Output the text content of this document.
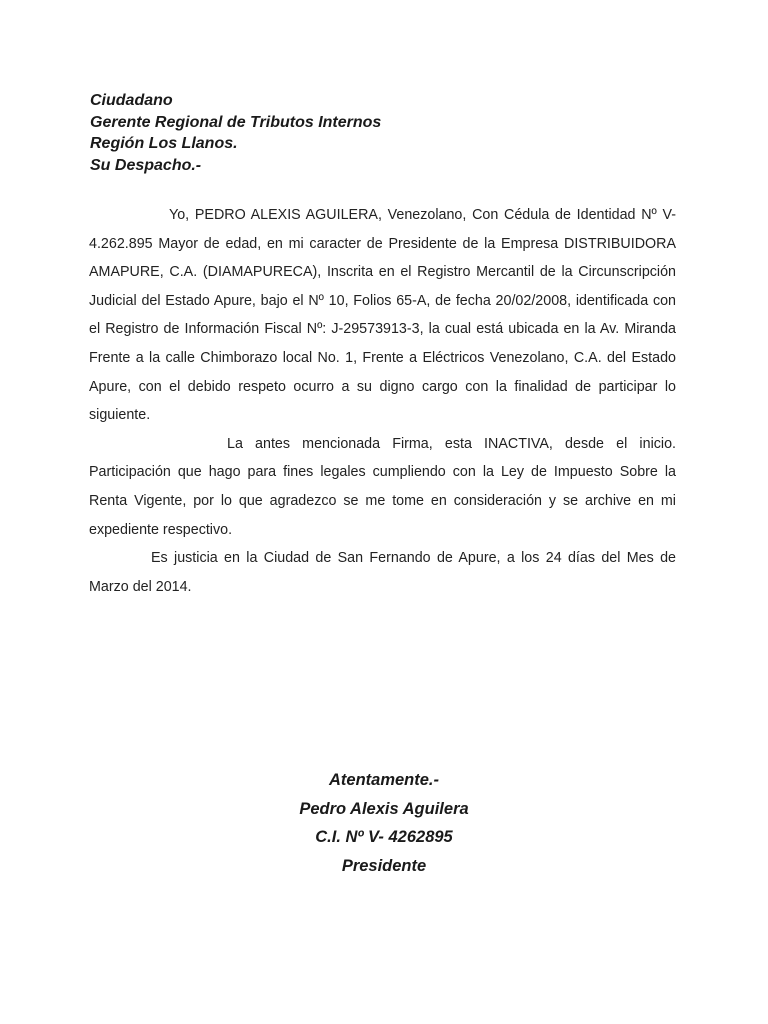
Ciudadano
Gerente Regional de Tributos Internos
Región Los Llanos.
Su Despacho.-

Yo, PEDRO ALEXIS AGUILERA, Venezolano, Con Cédula de Identidad Nº V- 4.262.895 Mayor de edad, en mi caracter de Presidente de la Empresa DISTRIBUIDORA AMAPURE, C.A. (DIAMAPURECA), Inscrita en el Registro Mercantil de la Circunscripción Judicial del Estado Apure, bajo el Nº 10, Folios 65-A, de fecha 20/02/2008, identificada con el Registro de Información Fiscal Nº: J-29573913-3, la cual está ubicada en la Av. Miranda Frente a la calle Chimborazo local No. 1, Frente a Eléctricos Venezolano, C.A. del Estado Apure, con el debido respeto ocurro a su digno cargo con la finalidad de participar lo siguiente.

La antes mencionada Firma, esta INACTIVA, desde el inicio. Participación que hago para fines legales cumpliendo con la Ley de Impuesto Sobre la Renta Vigente, por lo que agradezco se me tome en consideración y se archive en mi expediente respectivo.

Es justicia en la Ciudad de San Fernando de Apure, a los 24 días del Mes de Marzo del 2014.

Atentamente.-
Pedro Alexis Aguilera
C.I. Nº V- 4262895
Presidente
